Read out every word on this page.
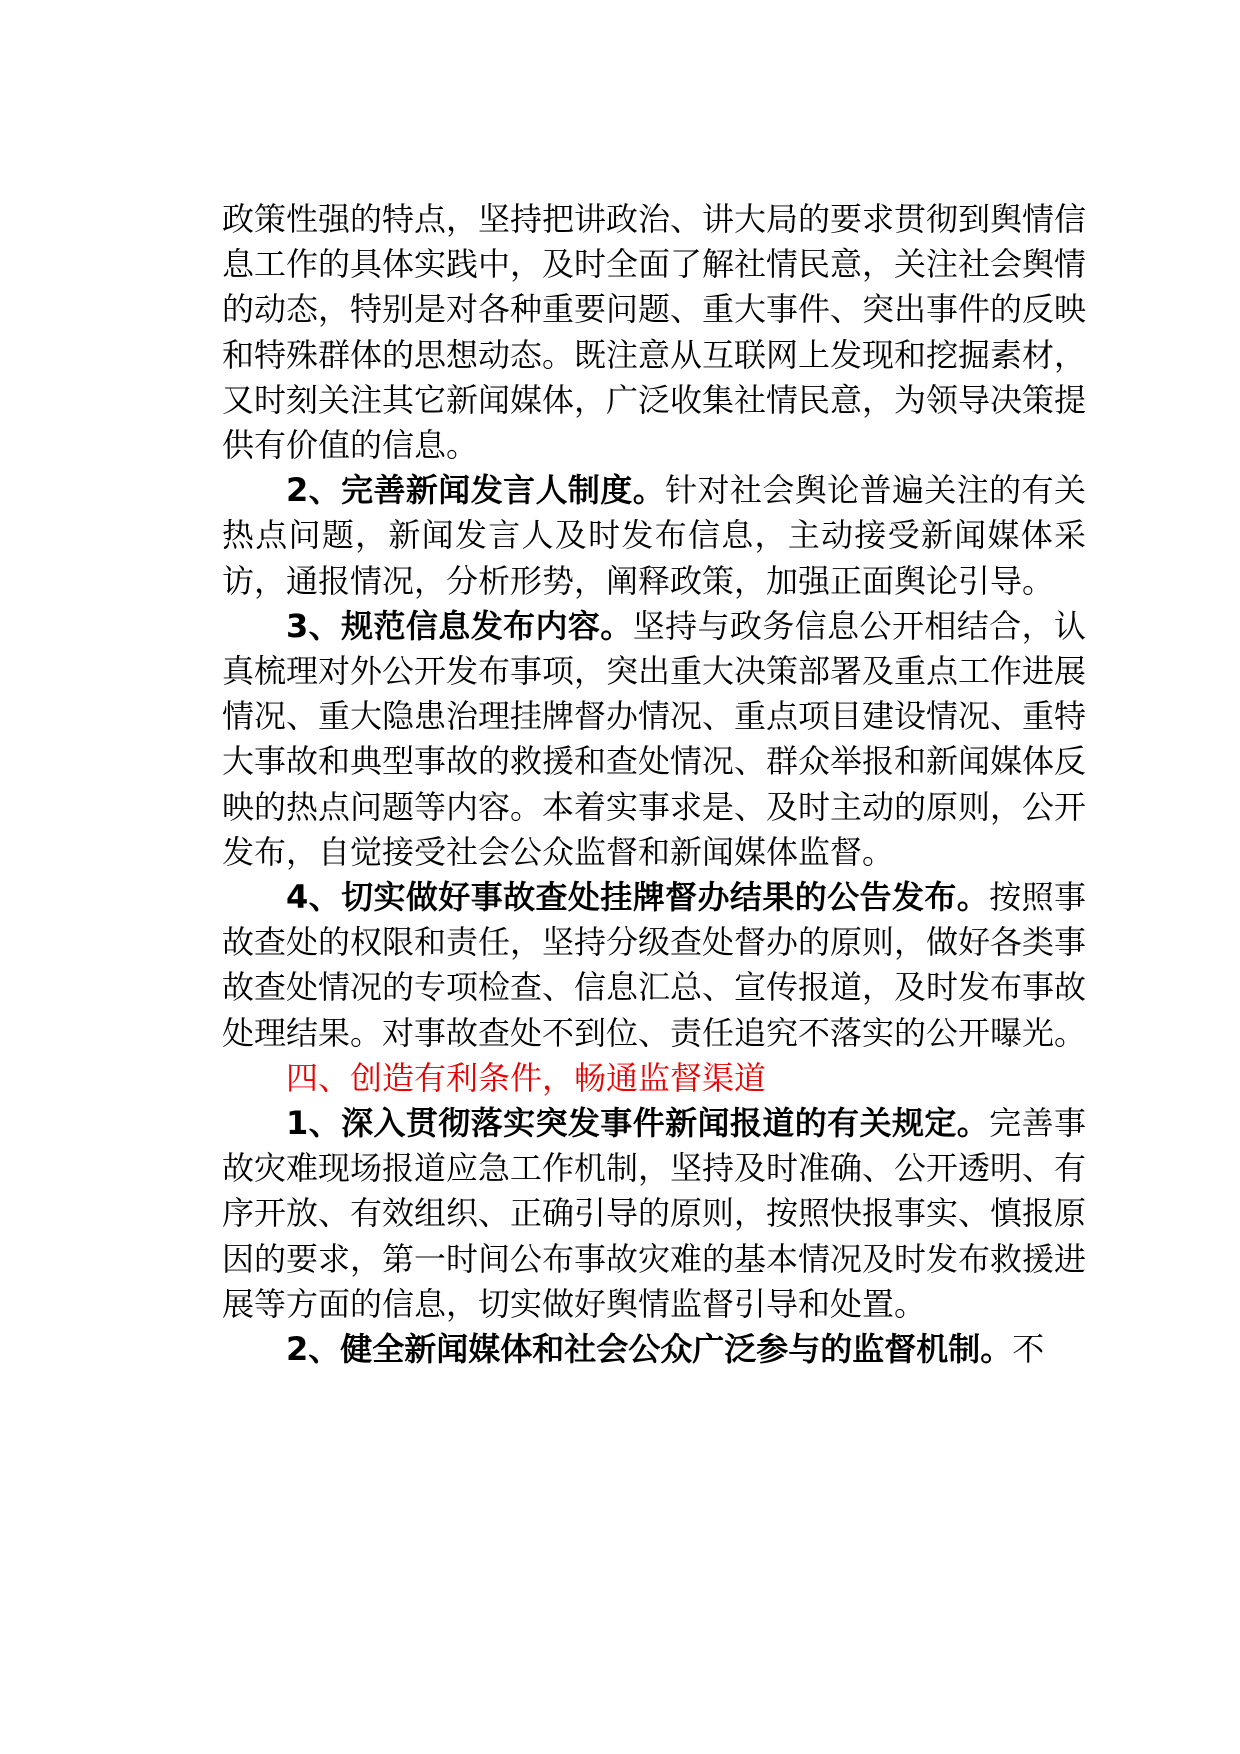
政策性强的特点，坚持把讲政治、讲大局的要求贯彻到舆情信息工作的具体实践中，及时全面了解社情民意，关注社会舆情的动态，特别是对各种重要问题、重大事件、突出事件的反映和特殊群体的思想动态。既注意从互联网上发现和挖掘素材，又时刻关注其它新闻媒体，广泛收集社情民意，为领导决策提供有价值的信息。

2、完善新闻发言人制度。针对社会舆论普遍关注的有关热点问题，新闻发言人及时发布信息，主动接受新闻媒体采访，通报情况，分析形势，阐释政策，加强正面舆论引导。

3、规范信息发布内容。坚持与政务信息公开相结合，认真梳理对外公开发布事项，突出重大决策部署及重点工作进展情况、重大隐患治理挂牌督办情况、重点项目建设情况、重特大事故和典型事故的救援和查处情况、群众举报和新闻媒体反映的热点问题等内容。本着实事求是、及时主动的原则，公开发布，自觉接受社会公众监督和新闻媒体监督。

4、切实做好事故查处挂牌督办结果的公告发布。按照事故查处的权限和责任，坚持分级查处督办的原则，做好各类事故查处情况的专项检查、信息汇总、宣传报道，及时发布事故处理结果。对事故查处不到位、责任追究不落实的公开曝光。

四、创造有利条件，畅通监督渠道

1、深入贯彻落实突发事件新闻报道的有关规定。完善事故灾难现场报道应急工作机制，坚持及时准确、公开透明、有序开放、有效组织、正确引导的原则，按照快报事实、慎报原因的要求，第一时间公布事故灾难的基本情况及时发布救援进展等方面的信息，切实做好舆情监督引导和处置。

2、健全新闻媒体和社会公众广泛参与的监督机制。不
